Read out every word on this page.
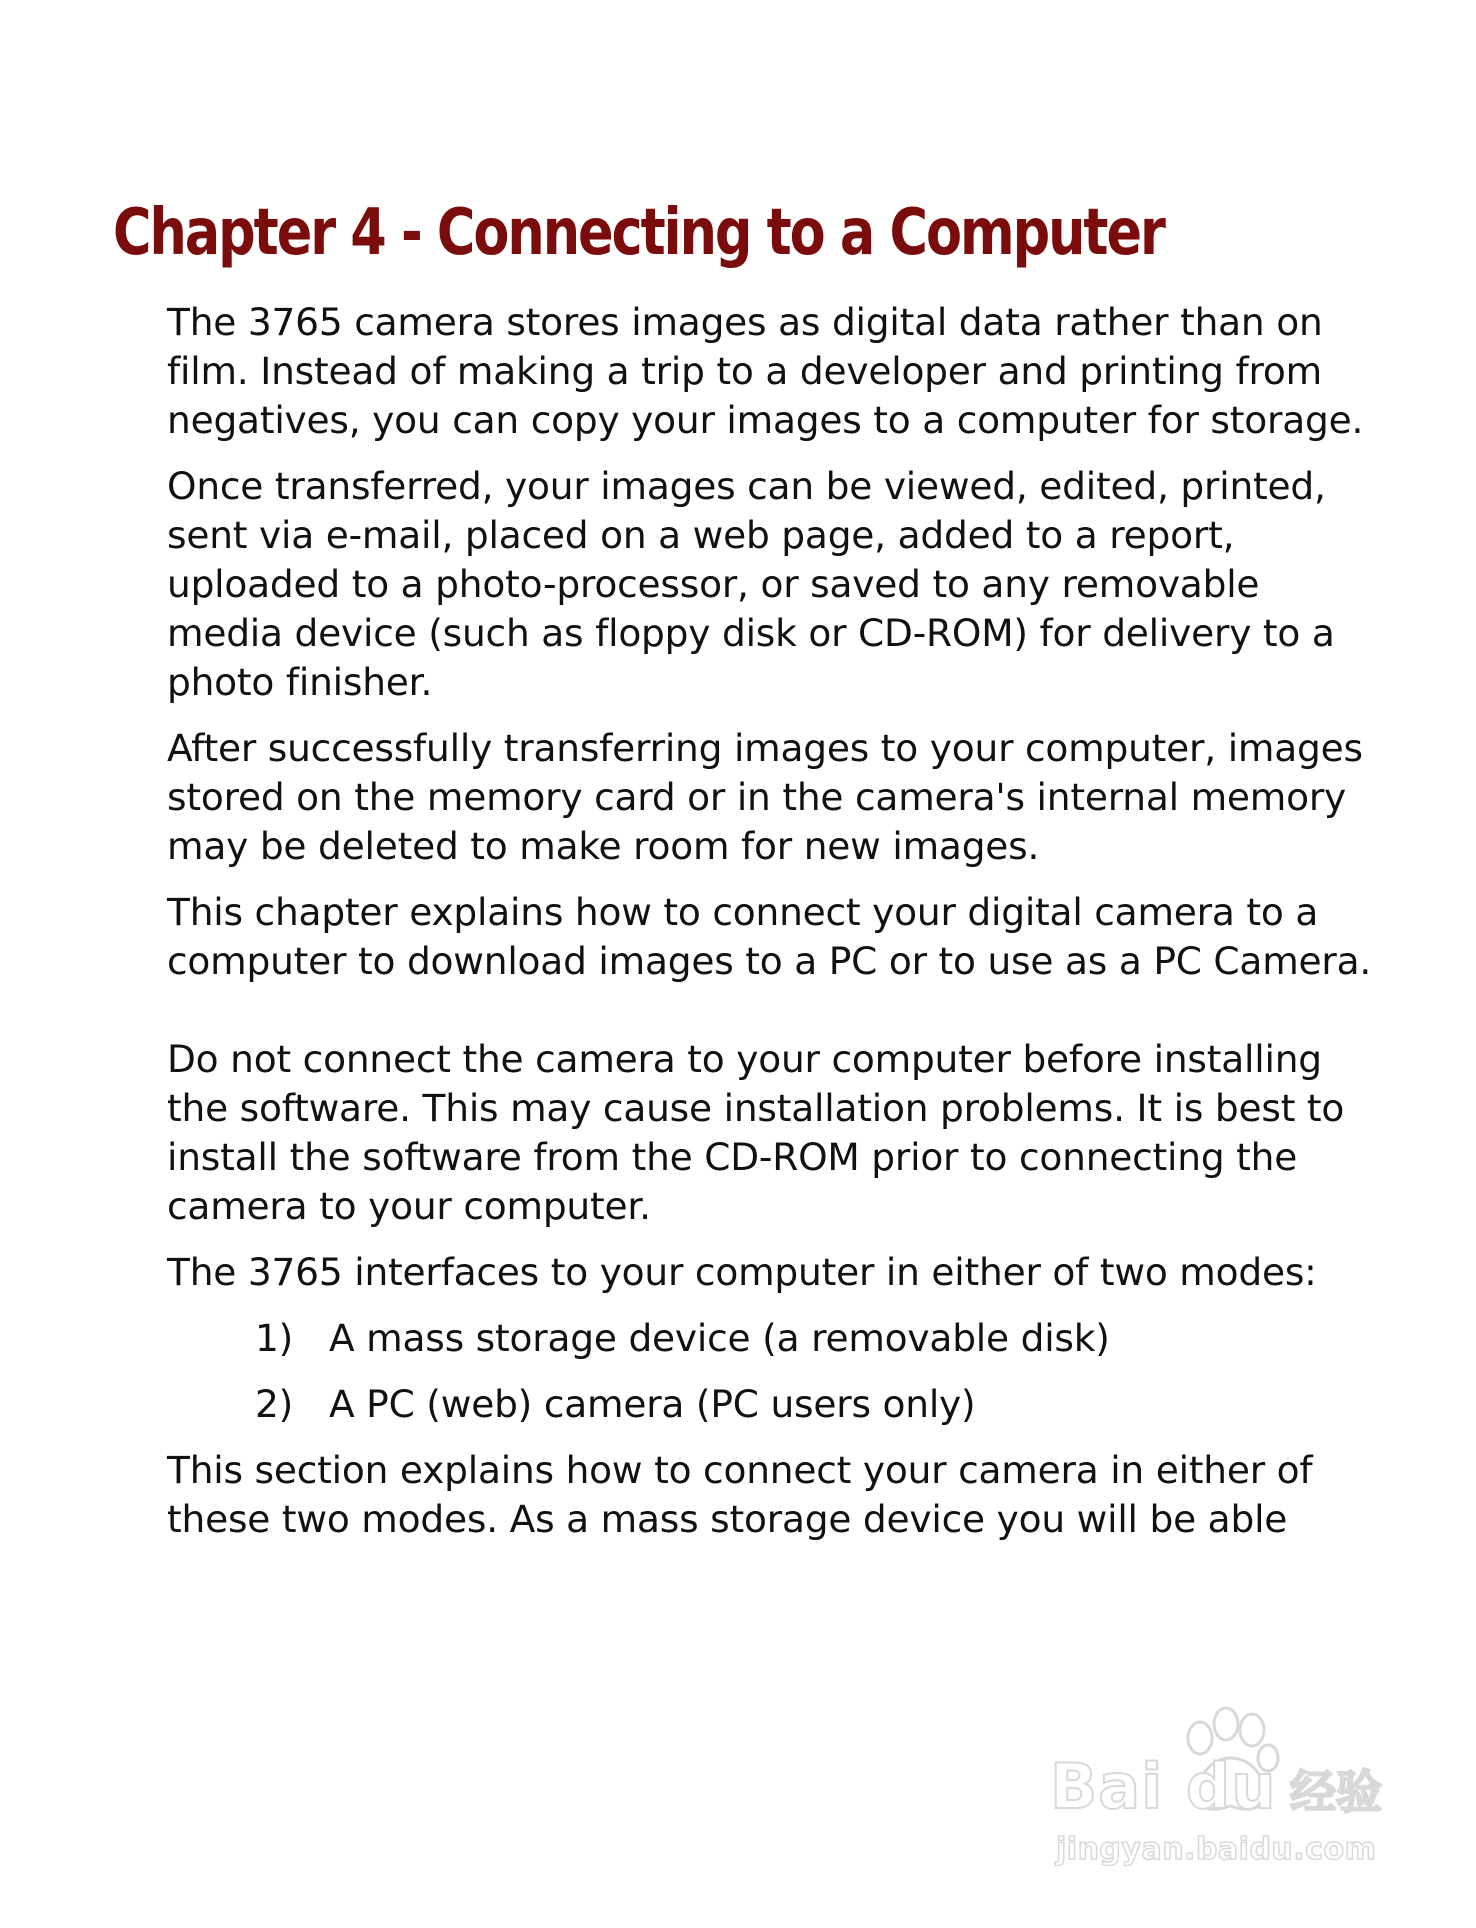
Chapter 4 - Connecting to a Computer

The 3765 camera stores images as digital data rather than on film. Instead of making a trip to a developer and printing from negatives, you can copy your images to a computer for storage.

Once transferred, your images can be viewed, edited, printed, sent via e-mail, placed on a web page, added to a report, uploaded to a photo-processor, or saved to any removable media device (such as floppy disk or CD-ROM) for delivery to a photo finisher.

After successfully transferring images to your computer, images stored on the memory card or in the camera's internal memory may be deleted to make room for new images.

This chapter explains how to connect your digital camera to a computer to download images to a PC or to use as a PC Camera.

Do not connect the camera to your computer before installing the software. This may cause installation problems. It is best to install the software from the CD-ROM prior to connecting the camera to your computer.

The 3765 interfaces to your computer in either of two modes:

1) A mass storage device (a removable disk)
2) A PC (web) camera (PC users only)

This section explains how to connect your camera in either of these two modes. As a mass storage device you will be able

Bai du 经验
jingyan.baidu.com
